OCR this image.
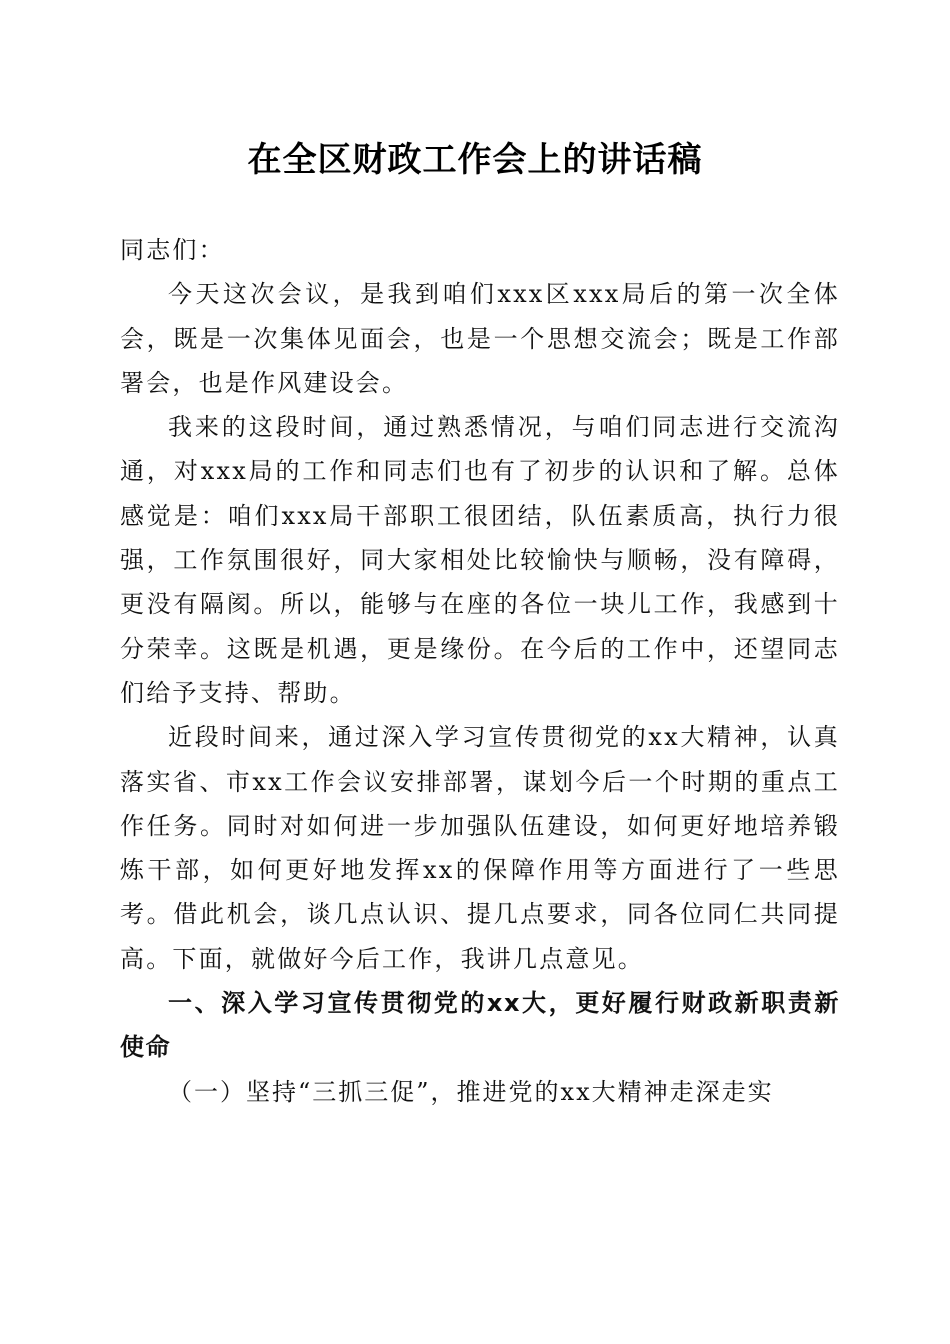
在全区财政工作会上的讲话稿

同志们：

今天这次会议，是我到咱们xxx区xxx局后的第一次全体会，既是一次集体见面会，也是一个思想交流会；既是工作部署会，也是作风建设会。

我来的这段时间，通过熟悉情况，与咱们同志进行交流沟通，对xxx局的工作和同志们也有了初步的认识和了解。总体感觉是：咱们xxx局干部职工很团结，队伍素质高，执行力很强，工作氛围很好，同大家相处比较愉快与顺畅，没有障碍，更没有隔阂。所以，能够与在座的各位一块儿工作，我感到十分荣幸。这既是机遇，更是缘份。在今后的工作中，还望同志们给予支持、帮助。

近段时间来，通过深入学习宣传贯彻党的xx大精神，认真落实省、市xx工作会议安排部署，谋划今后一个时期的重点工作任务。同时对如何进一步加强队伍建设，如何更好地培养锻炼干部，如何更好地发挥xx的保障作用等方面进行了一些思考。借此机会，谈几点认识、提几点要求，同各位同仁共同提高。下面，就做好今后工作，我讲几点意见。

一、深入学习宣传贯彻党的xx大，更好履行财政新职责新使命

（一）坚持“三抓三促”，推进党的xx大精神走深走实
